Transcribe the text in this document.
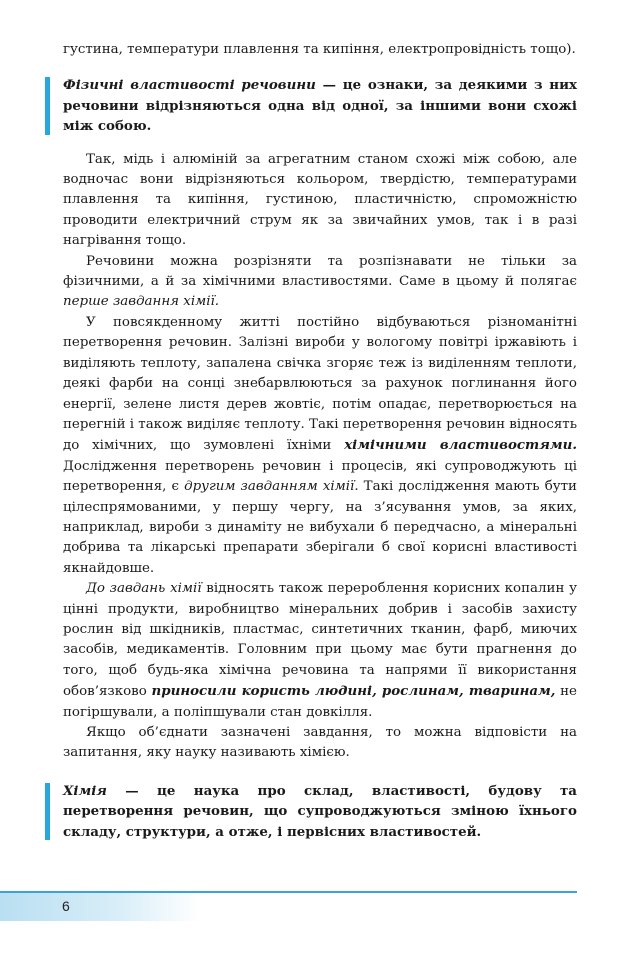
густина, температури плавлення та кипіння, електропровідність тощо).

Фізичні властивості речовини — це ознаки, за деякими з них речовини відрізняються одна від одної, за іншими вони схожі між собою.

Так, мідь і алюміній за агрегатним станом схожі між собою, але водночас вони відрізняються кольором, твердістю, температурами плавлення та кипіння, густиною, пластичністю, спроможністю проводити електричний струм як за звичайних умов, так і в разі нагрівання тощо.

Речовини можна розрізняти та розпізнавати не тільки за фізичними, а й за хімічними властивостями. Саме в цьому й полягає перше завдання хімії.

У повсякденному житті постійно відбуваються різноманітні перетворення речовин. Залізні вироби у вологому повітрі іржавіють і виділяють теплоту, запалена свічка згоряє теж із виділенням теплоти, деякі фарби на сонці знебарвлюються за рахунок поглинання його енергії, зелене листя дерев жовтіє, потім опадає, перетворюється на перегній і також виділяє теплоту. Такі перетворення речовин відносять до хімічних, що зумовлені їхніми хімічними властивостями. Дослідження перетворень речовин і процесів, які супроводжують ці перетворення, є другим завданням хімії. Такі дослідження мають бути цілеспрямованими, у першу чергу, на з’ясування умов, за яких, наприклад, вироби з динаміту не вибухали б передчасно, а мінеральні добрива та лікарські препарати зберігали б свої корисні властивості якнайдовше.

До завдань хімії відносять також перероблення корисних копалин у цінні продукти, виробництво мінеральних добрив і засобів захисту рослин від шкідників, пластмас, синтетичних тканин, фарб, миючих засобів, медикаментів. Головним при цьому має бути прагнення до того, щоб будь-яка хімічна речовина та напрями її використання обов’язково приносили користь людині, рослинам, тваринам, не погіршували, а поліпшували стан довкілля.

Якщо об’єднати зазначені завдання, то можна відповісти на запитання, яку науку називають хімією.

Хімія — це наука про склад, властивості, будову та перетворення речовин, що супроводжуються зміною їхнього складу, структури, а отже, і первісних властивостей.

6
